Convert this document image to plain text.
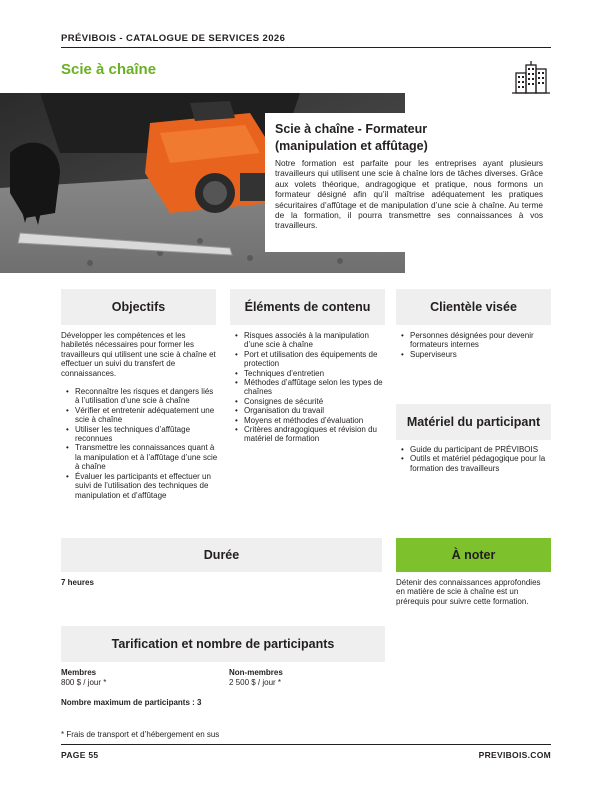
PRÉVIBOIS - CATALOGUE DE SERVICES 2026
Scie à chaîne
Scie à chaîne - Formateur
(manipulation et affûtage)
Notre formation est parfaite pour les entreprises ayant plusieurs travailleurs qui utilisent une scie à chaîne lors de tâches diverses. Grâce aux volets théorique, andragogique et pratique, nous formons un formateur désigné afin qu’il maîtrise adéquatement les pratiques sécuritaires d’affûtage et de manipulation d’une scie à chaîne. Au terme de la formation, il pourra transmettre ses connaissances à vos travailleurs.
Objectifs	Éléments de contenu	Clientèle visée

Développer les compétences et les habiletés nécessaires pour former les travailleurs qui utilisent une scie à chaîne et effectuer un suivi du transfert de connaissances.

• Reconnaître les risques et dangers liés à l’utilisation d’une scie à chaîne
• Vérifier et entretenir adéquatement une scie à chaîne
• Utiliser les techniques d’affûtage reconnues
• Transmettre les connaissances quant à la manipulation et à l’affûtage d’une scie à chaîne
• Évaluer les participants et effectuer un suivi de l’utilisation des techniques de manipulation et d’affûtage
• Risques associés à la manipulation d’une scie à chaîne
• Port et utilisation des équipements de protection
• Techniques d’entretien
• Méthodes d’affûtage selon les types de chaînes
• Consignes de sécurité
• Organisation du travail
• Moyens et méthodes d’évaluation
• Critères andragogiques et révision du matériel de formation
• Personnes désignées pour devenir formateurs internes
• Superviseurs
Matériel du participant
• Guide du participant de PRÉVIBOIS
• Outils et matériel pédagogique pour la formation des travailleurs
Durée
7 heures
À noter
Détenir des connaissances approfondies en matière de scie à chaîne est un prérequis pour suivre cette formation.
Tarification et nombre de participants
Membres
800 $ / jour *
Non-membres
2 500 $ / jour *
Nombre maximum de participants : 3
* Frais de transport et d’hébergement en sus
PAGE 55	PREVIBOIS.COM
